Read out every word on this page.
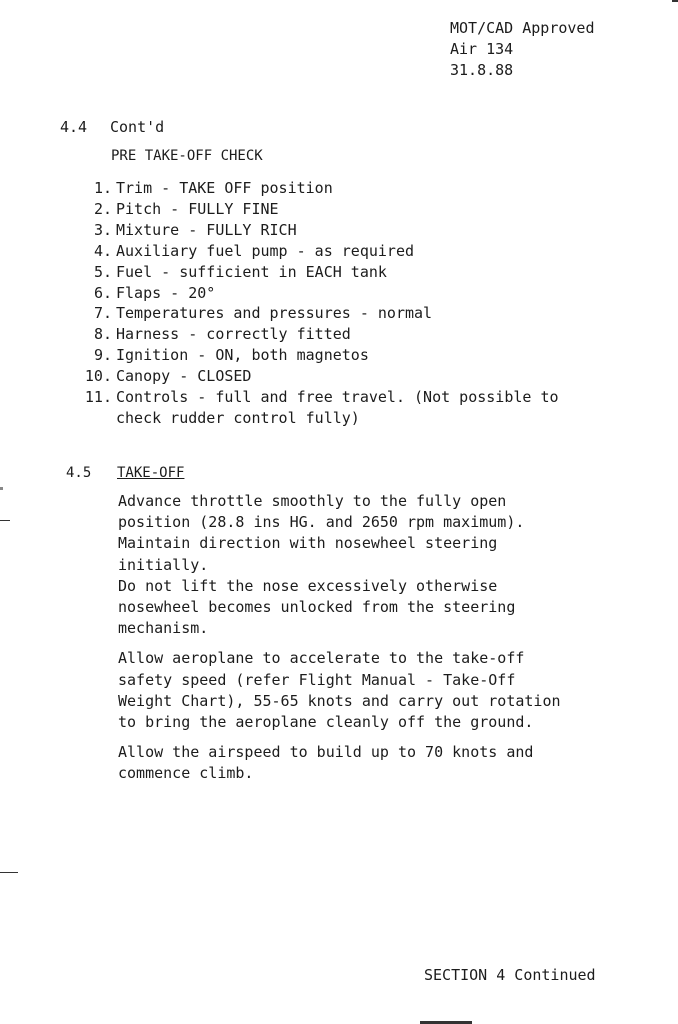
MOT/CAD Approved
Air 134
31.8.88
4.4 Cont'd
PRE TAKE-OFF CHECK
1. Trim - TAKE OFF position
2. Pitch - FULLY FINE
3. Mixture - FULLY RICH
4. Auxiliary fuel pump - as required
5. Fuel - sufficient in EACH tank
6. Flaps - 20°
7. Temperatures and pressures - normal
8. Harness - correctly fitted
9. Ignition - ON, both magnetos
10. Canopy - CLOSED
11. Controls - full and free travel. (Not possible to
check rudder control fully)
4.5 TAKE-OFF

Advance throttle smoothly to the fully open
position (28.8 ins HG. and 2650 rpm maximum).
Maintain direction with nosewheel steering
initially.
Do not lift the nose excessively otherwise
nosewheel becomes unlocked from the steering
mechanism.

Allow aeroplane to accelerate to the take-off
safety speed (refer Flight Manual - Take-Off
Weight Chart), 55-65 knots and carry out rotation
to bring the aeroplane cleanly off the ground.

Allow the airspeed to build up to 70 knots and
commence climb.

SECTION 4 Continued
